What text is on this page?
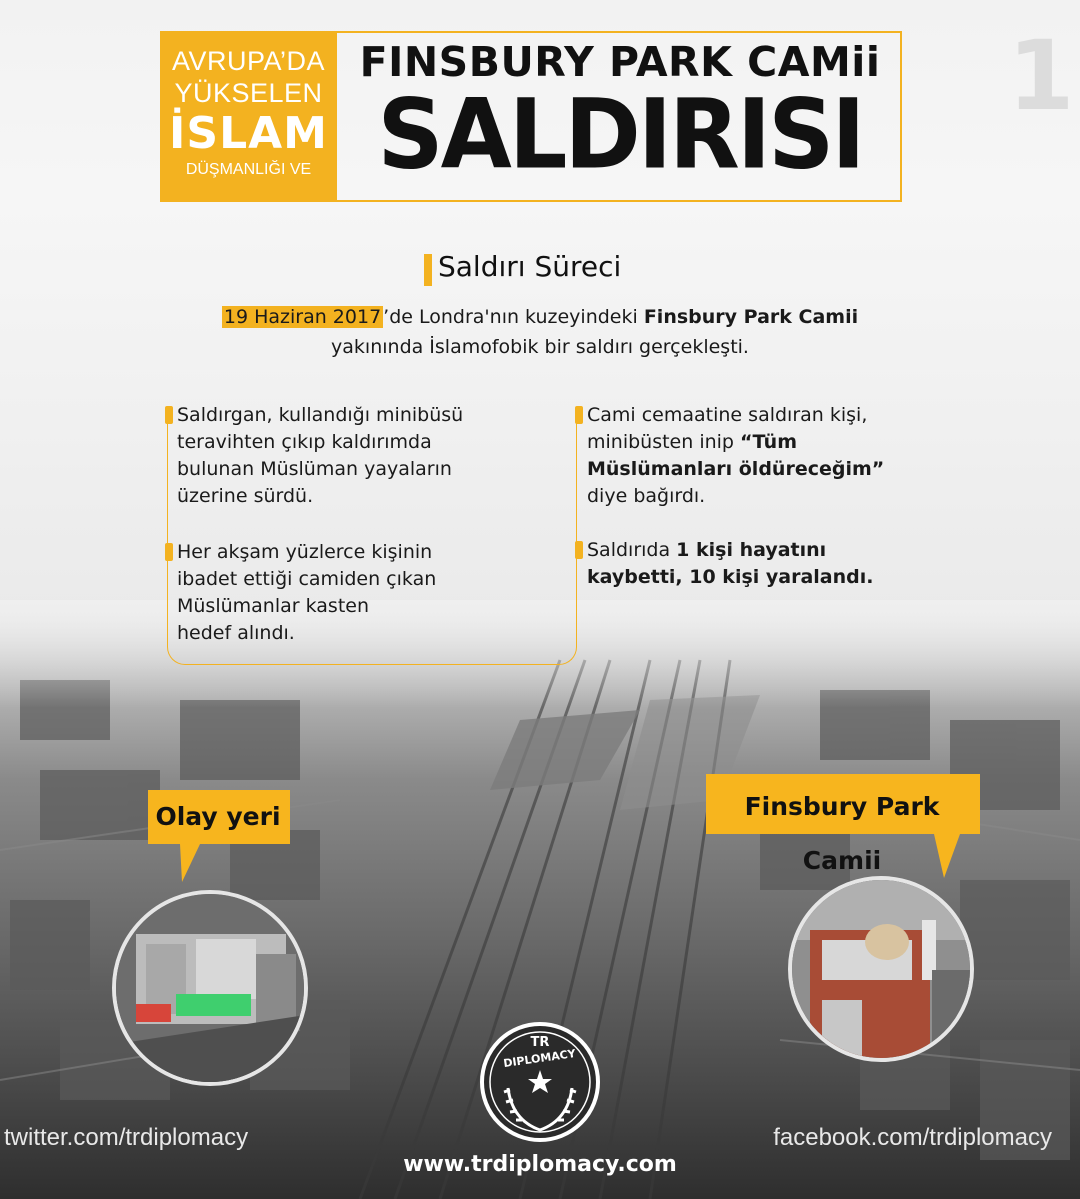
AVRUPA’DA
YÜKSELEN
İSLAM
DÜŞMANLIĞI VE
FINSBURY PARK CAMii
SALDIRISI
1
Saldırı Süreci
19 Haziran 2017 ’de Londra'nın kuzeyindeki Finsbury Park Camii
yakınında İslamofobik bir saldırı gerçekleşti.
Saldırgan, kullandığı minibüsü
teravihten çıkıp kaldırımda
bulunan Müslüman yayaların
üzerine sürdü.
Her akşam yüzlerce kişinin
ibadet ettiği camiden çıkan
Müslümanlar kasten
hedef alındı.
Cami cemaatine saldıran kişi,
minibüsten inip “Tüm
Müslümanları öldüreceğim”
diye bağırdı.
Saldırıda 1 kişi hayatını
kaybetti, 10 kişi yaralandı.
Olay yeri	Finsbury Park Camii
TR
DIPLOMACY
twitter.com/trdiplomacy	facebook.com/trdiplomacy
www.trdiplomacy.com
